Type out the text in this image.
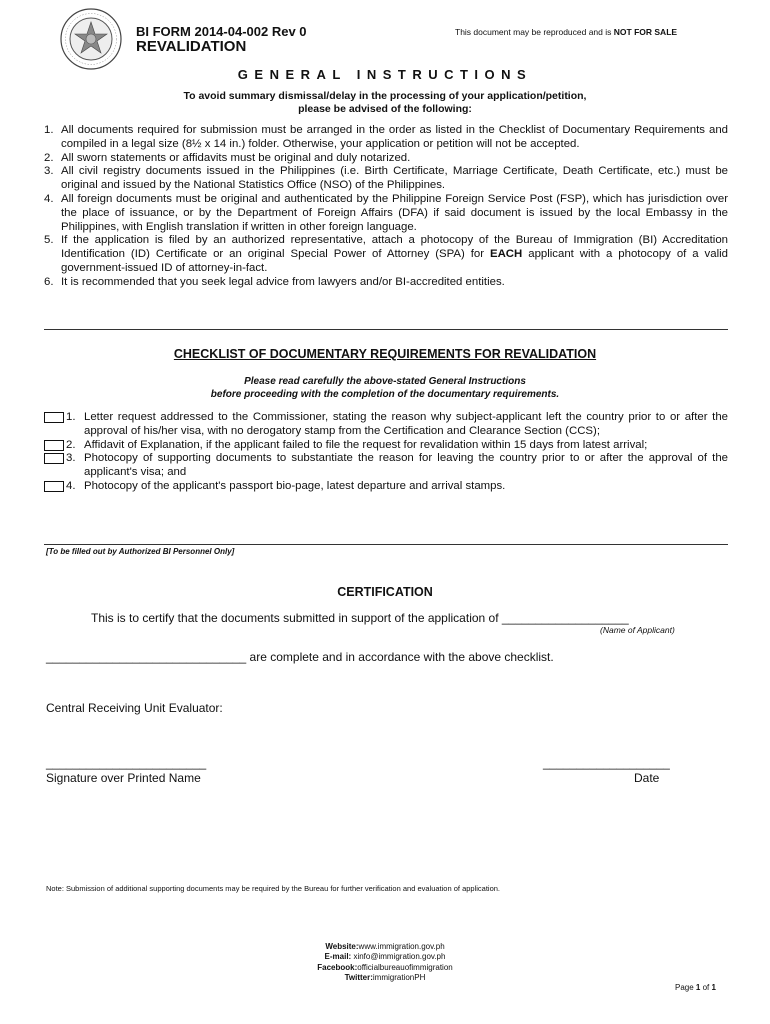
BI FORM 2014-04-002 Rev 0
REVALIDATION
This document may be reproduced and is NOT FOR SALE
GENERAL INSTRUCTIONS
To avoid summary dismissal/delay in the processing of your application/petition,
please be advised of the following:
1. All documents required for submission must be arranged in the order as listed in the Checklist of Documentary Requirements and compiled in a legal size (8½ x 14 in.) folder. Otherwise, your application or petition will not be accepted.
2. All sworn statements or affidavits must be original and duly notarized.
3. All civil registry documents issued in the Philippines (i.e. Birth Certificate, Marriage Certificate, Death Certificate, etc.) must be original and issued by the National Statistics Office (NSO) of the Philippines.
4. All foreign documents must be original and authenticated by the Philippine Foreign Service Post (FSP), which has jurisdiction over the place of issuance, or by the Department of Foreign Affairs (DFA) if said document is issued by the local Embassy in the Philippines, with English translation if written in other foreign language.
5. If the application is filed by an authorized representative, attach a photocopy of the Bureau of Immigration (BI) Accreditation Identification (ID) Certificate or an original Special Power of Attorney (SPA) for EACH applicant with a photocopy of a valid government-issued ID of attorney-in-fact.
6. It is recommended that you seek legal advice from lawyers and/or BI-accredited entities.
CHECKLIST OF DOCUMENTARY REQUIREMENTS FOR REVALIDATION
Please read carefully the above-stated General Instructions
before proceeding with the completion of the documentary requirements.
1. Letter request addressed to the Commissioner, stating the reason why subject-applicant left the country prior to or after the approval of his/her visa, with no derogatory stamp from the Certification and Clearance Section (CCS);
2. Affidavit of Explanation, if the applicant failed to file the request for revalidation within 15 days from latest arrival;
3. Photocopy of supporting documents to substantiate the reason for leaving the country prior to or after the approval of the applicant's visa; and
4. Photocopy of the applicant's passport bio-page, latest departure and arrival stamps.
[To be filled out by Authorized BI Personnel Only]
CERTIFICATION
This is to certify that the documents submitted in support of the application of ___________________
(Name of Applicant)
______________________________ are complete and in accordance with the above checklist.
Central Receiving Unit Evaluator:
________________________
Signature over Printed Name
___________________
Date
Note: Submission of additional supporting documents may be required by the Bureau for further verification and evaluation of application.
Website:www.immigration.gov.ph
E-mail: xinfo@immigration.gov.ph
Facebook:officialbureauofimmigration
Twitter:immigrationPH
Page 1 of 1
